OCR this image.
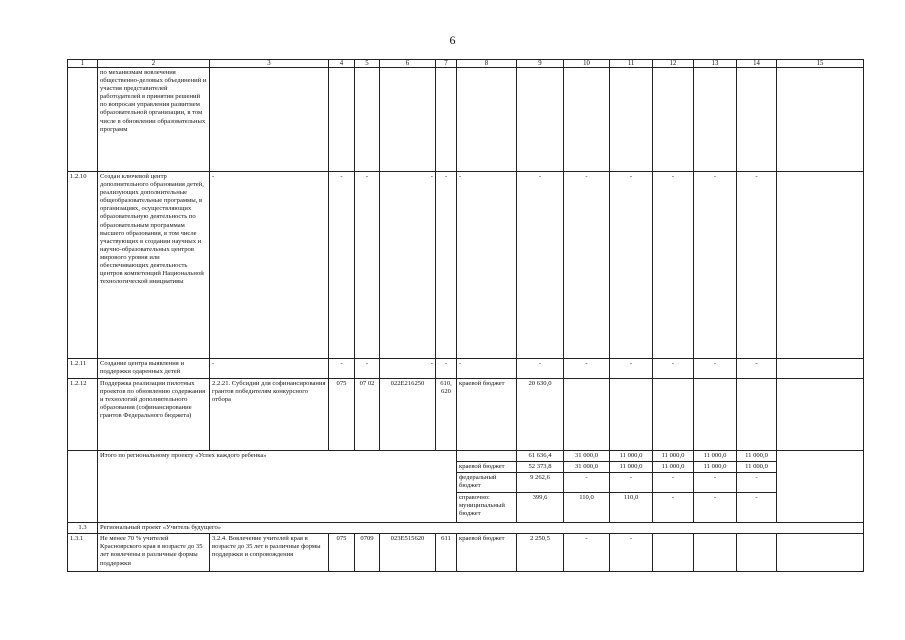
6
1	2	3	4	5	6	7	8	9	10	11	12	13	14	15
	по механизмам вовлечения общественно-деловых объединений и участия представителей работодателей в принятии решений по вопросам управления развитием образовательной организации, в том числе в обновлении образовательных программ													
1.2.10	Создан ключевой центр дополнительного образования детей, реализующих дополнительные общеобразовательные программы, в организациях, осуществляющих образовательную деятельность по образовательным программам высшего образования, в том числе участвующих в создании научных и научно-образовательных центров мирового уровня или обеспечивающих деятельность центров компетенций Национальной технологической инициативы	-	-	-	-	-	-	-	-	-	-	-	-	
1.2.11	Создание центра выявления и поддержки одаренных детей	-	-	-	-	-	-	-	-	-	-	-	-	
1.2.12	Поддержка реализации пилотных проектов по обновлению содержания и технологий дополнительного образования (софинансирование грантов Федерального бюджета)	2.2.21. Субсидии для софинансирования грантов победителям конкурсного отбора	075	07 02	022E216250	610, 620	краевой бюджет	20 630,0						
	Итого по региональному проекту «Успех каждого ребенка»							61 636,4	31 000,0	11 000,0	11 000,0	11 000,0	11 000,0	
							краевой бюджет	52 373,8	31 000,0	11 000,0	11 000,0	11 000,0	11 000,0	
							федеральный бюджет	9 262,6	-	-	-	-	-	
							справочно: муниципальный бюджет	399,6	110,0	110,0	-	-	-	
1.3	Региональный проект «Учитель будущего»													
1.3.1	Не менее 70 % учителей Красноярского края в возрасте до 35 лет вовлечены в различные формы поддержки	3.2.4. Вовлечение учителей края в возрасте до 35 лет в различные формы поддержки и сопровождения	075	0709	023E515620	611	краевой бюджет	2 250,5	-	-				
